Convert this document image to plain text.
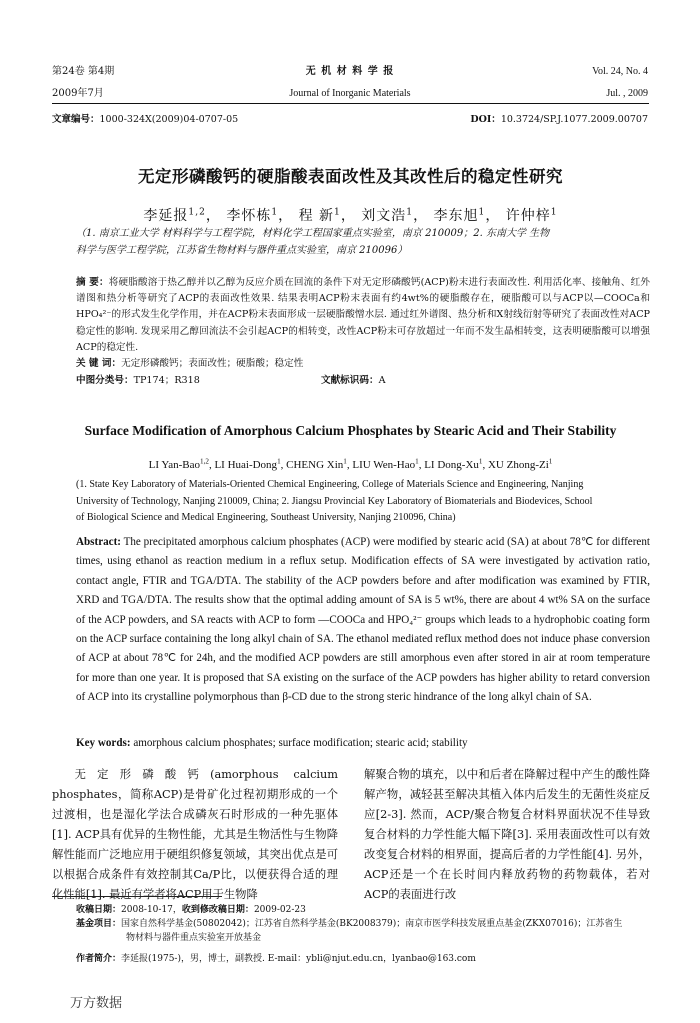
第24卷 第4期
2009年7月
无 机 材 料 学 报
Journal of Inorganic Materials
Vol. 24, No. 4
Jul. , 2009
文章编号：1000-324X(2009)04-0707-05	DOI：10.3724/SP.J.1077.2009.00707
无定形磷酸钙的硬脂酸表面改性及其改性后的稳定性研究
李延报$^{1,2}$， 李怀栋$^1$， 程 新$^1$， 刘文浩$^1$， 李东旭$^1$， 许仲梓$^1$
（1. 南京工业大学 材料科学与工程学院，材料化学工程国家重点实验室，南京 210009；2. 东南大学 生物
科学与医学工程学院，江苏省生物材料与器件重点实验室，南京 210096）
摘 要：将硬脂酸溶于热乙醇并以乙醇为反应介质在回流的条件下对无定形磷酸钙(ACP)粉末进行表面改性. 利用活化率、接触角、红外谱图和热分析等研究了ACP的表面改性效果. 结果表明ACP粉末表面有约4wt%的硬脂酸存在，硬脂酸可以与ACP以—COOCa和HPO₄²⁻的形式发生化学作用，并在ACP粉末表面形成一层硬脂酸憎水层. 通过红外谱图、热分析和X射线衍射等研究了表面改性对ACP稳定性的影响. 发现采用乙醇回流法不会引起ACP的相转变，改性ACP粉末可存放超过一年而不发生晶相转变，这表明硬脂酸可以增强ACP的稳定性.
关 键 词：无定形磷酸钙；表面改性；硬脂酸；稳定性
中图分类号：TP174；R318	文献标识码：A
Surface Modification of Amorphous Calcium Phosphates by Stearic Acid and Their Stability
LI Yan-Bao$^{1,2}$, LI Huai-Dong$^1$, CHENG Xin$^1$, LIU Wen-Hao$^1$, LI Dong-Xu$^1$, XU Zhong-Zi$^1$
(1. State Key Laboratory of Materials-Oriented Chemical Engineering, College of Materials Science and Engineering, Nanjing
University of Technology, Nanjing 210009, China; 2. Jiangsu Provincial Key Laboratory of Biomaterials and Biodevices, School
of Biological Science and Medical Engineering, Southeast University, Nanjing 210096, China)
Abstract: The precipitated amorphous calcium phosphates (ACP) were modified by stearic acid (SA) at about 78℃ for different times, using ethanol as reaction medium in a reflux setup. Modification effects of SA were investigated by activation ratio, contact angle, FTIR and TGA/DTA. The stability of the ACP powders before and after modification was examined by FTIR, XRD and TGA/DTA. The results show that the optimal adding amount of SA is 5 wt%, there are about 4 wt% SA on the surface of the ACP powders, and SA reacts with ACP to form —COOCa and HPO₄²⁻ groups which leads to a hydrophobic coating form on the ACP surface containing the long alkyl chain of SA. The ethanol mediated reflux method does not induce phase conversion of ACP at about 78℃ for 24h, and the modified ACP powders are still amorphous even after stored in air at room temperature for more than one year. It is proposed that SA existing on the surface of the ACP powders has higher ability to retard conversion of ACP into its crystalline polymorphous than β-CD due to the strong steric hindrance of the long alkyl chain of SA.
Key words: amorphous calcium phosphates; surface modification; stearic acid; stability

无定形磷酸钙(amorphous calcium phosphates，简称ACP)是骨矿化过程初期形成的一个过渡相，也是湿化学法合成磷灰石时形成的一种先驱体[1]. ACP具有优异的生物性能，尤其是生物活性与生物降解性能而广泛地应用于硬组织修复领域，其突出优点是可以根据合成条件有效控制其Ca/P比，以便获得合适的理化性能[1]. 最近有学者将ACP用于生物降

解聚合物的填充，以中和后者在降解过程中产生的酸性降解产物，减轻甚至解决其植入体内后发生的无菌性炎症反应[2-3]. 然而，ACP/聚合物复合材料界面状况不佳导致复合材料的力学性能大幅下降[3]. 采用表面改性可以有效改变复合材料的相界面，提高后者的力学性能[4]. 另外，ACP还是一个在长时间内释放药物的药物载体，若对ACP的表面进行改

收稿日期：2008-10-17，收到修改稿日期：2009-02-23
基金项目：国家自然科学基金(50802042)；江苏省自然科学基金(BK2008379)；南京市医学科技发展重点基金(ZKX07016)；江苏省生
物材料与器件重点实验室开放基金
作者简介：李延报(1975-)，男，博士，副教授. E-mail：ybli@njut.edu.cn，lyanbao@163.com
万方数据
